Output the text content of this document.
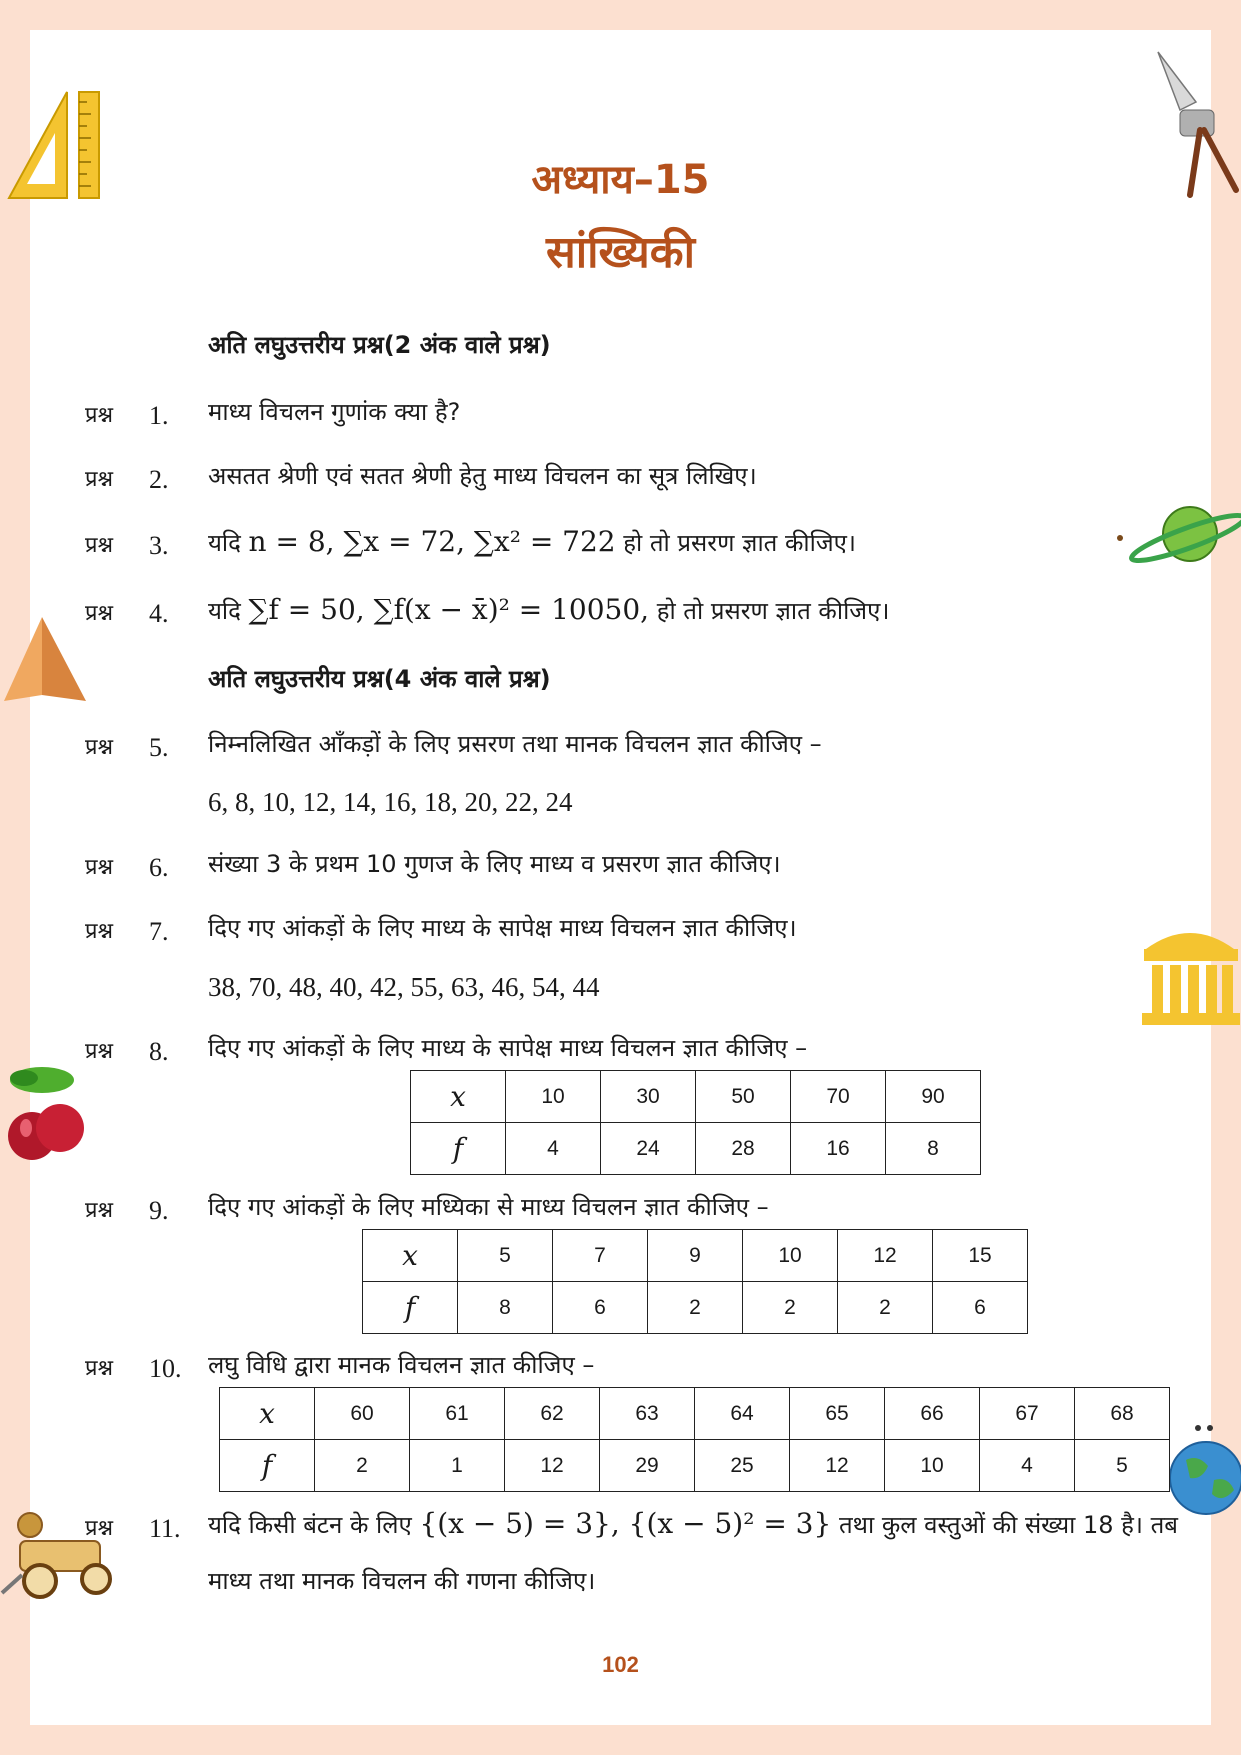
अध्याय–15
सांख्यिकी
अति लघुउत्तरीय प्रश्न(2 अंक वाले प्रश्न)
प्रश्न 1. माध्य विचलन गुणांक क्या है?
प्रश्न 2. असतत श्रेणी एवं सतत श्रेणी हेतु माध्य विचलन का सूत्र लिखिए।
प्रश्न 3. यदि n = 8, ∑x = 72, ∑x² = 722 हो तो प्रसरण ज्ञात कीजिए।
प्रश्न 4. यदि ∑f = 50, ∑f(x − x̄)² = 10050, हो तो प्रसरण ज्ञात कीजिए।
अति लघुउत्तरीय प्रश्न(4 अंक वाले प्रश्न)
प्रश्न 5. निम्नलिखित आँकड़ों के लिए प्रसरण तथा मानक विचलन ज्ञात कीजिए –
6, 8, 10, 12, 14, 16, 18, 20, 22, 24
प्रश्न 6. संख्या 3 के प्रथम 10 गुणज के लिए माध्य व प्रसरण ज्ञात कीजिए।
प्रश्न 7. दिए गए आंकड़ों के लिए माध्य के सापेक्ष माध्य विचलन ज्ञात कीजिए।
38, 70, 48, 40, 42, 55, 63, 46, 54, 44
प्रश्न 8. दिए गए आंकड़ों के लिए माध्य के सापेक्ष माध्य विचलन ज्ञात कीजिए –
x	10	30	50	70	90
f	4	24	28	16	8
प्रश्न 9. दिए गए आंकड़ों के लिए मध्यिका से माध्य विचलन ज्ञात कीजिए –
x	5	7	9	10	12	15
f	8	6	2	2	2	6
प्रश्न 10. लघु विधि द्वारा मानक विचलन ज्ञात कीजिए –
x	60	61	62	63	64	65	66	67	68
f	2	1	12	29	25	12	10	4	5
प्रश्न 11. यदि किसी बंटन के लिए {(x − 5) = 3}, {(x − 5)² = 3} तथा कुल वस्तुओं की संख्या 18 है। तब माध्य तथा मानक विचलन की गणना कीजिए।
102
